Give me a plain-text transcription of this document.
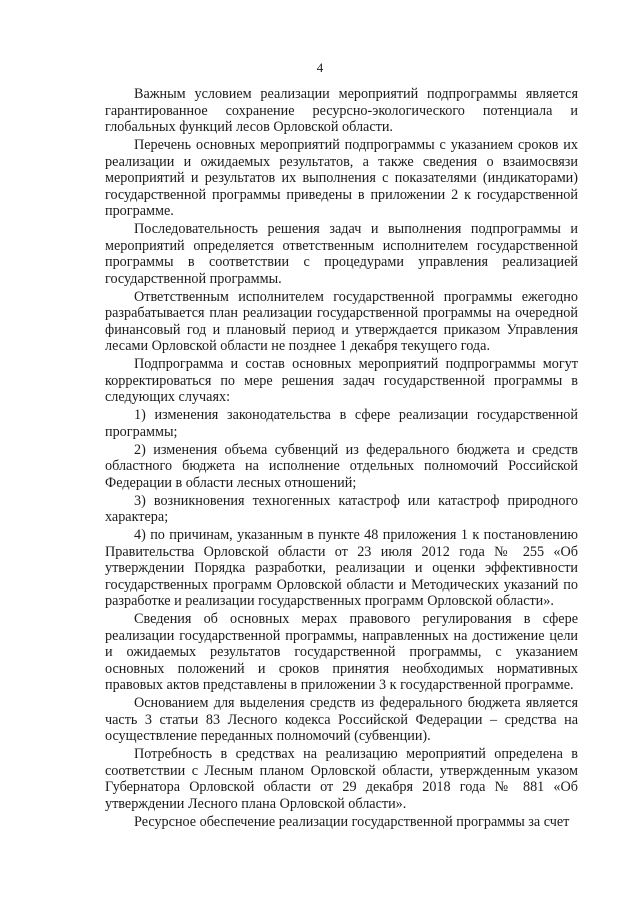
4

Важным условием реализации мероприятий подпрограммы является гарантированное сохранение ресурсно-экологического потенциала и глобальных функций лесов Орловской области.

Перечень основных мероприятий подпрограммы с указанием сроков их реализации и ожидаемых результатов, а также сведения о взаимосвязи мероприятий и результатов их выполнения с показателями (индикаторами) государственной программы приведены в приложении 2 к государственной программе.

Последовательность решения задач и выполнения подпрограммы и мероприятий определяется ответственным исполнителем государственной программы в соответствии с процедурами управления реализацией государственной программы.

Ответственным исполнителем государственной программы ежегодно разрабатывается план реализации государственной программы на очередной финансовый год и плановый период и утверждается приказом Управления лесами Орловской области не позднее 1 декабря текущего года.

Подпрограмма и состав основных мероприятий подпрограммы могут корректироваться по мере решения задач государственной программы в следующих случаях:

1) изменения законодательства в сфере реализации государственной программы;

2) изменения объема субвенций из федерального бюджета и средств областного бюджета на исполнение отдельных полномочий Российской Федерации в области лесных отношений;

3) возникновения техногенных катастроф или катастроф природного характера;

4) по причинам, указанным в пункте 48 приложения 1 к постановлению Правительства Орловской области от 23 июля 2012 года № 255 «Об утверждении Порядка разработки, реализации и оценки эффективности государственных программ Орловской области и Методических указаний по разработке и реализации государственных программ Орловской области».

Сведения об основных мерах правового регулирования в сфере реализации государственной программы, направленных на достижение цели и ожидаемых результатов государственной программы, с указанием основных положений и сроков принятия необходимых нормативных правовых актов представлены в приложении 3 к государственной программе.

Основанием для выделения средств из федерального бюджета является часть 3 статьи 83 Лесного кодекса Российской Федерации – средства на осуществление переданных полномочий (субвенции).

Потребность в средствах на реализацию мероприятий определена в соответствии с Лесным планом Орловской области, утвержденным указом Губернатора Орловской области от 29 декабря 2018 года № 881 «Об утверждении Лесного плана Орловской области».

Ресурсное обеспечение реализации государственной программы за счет
